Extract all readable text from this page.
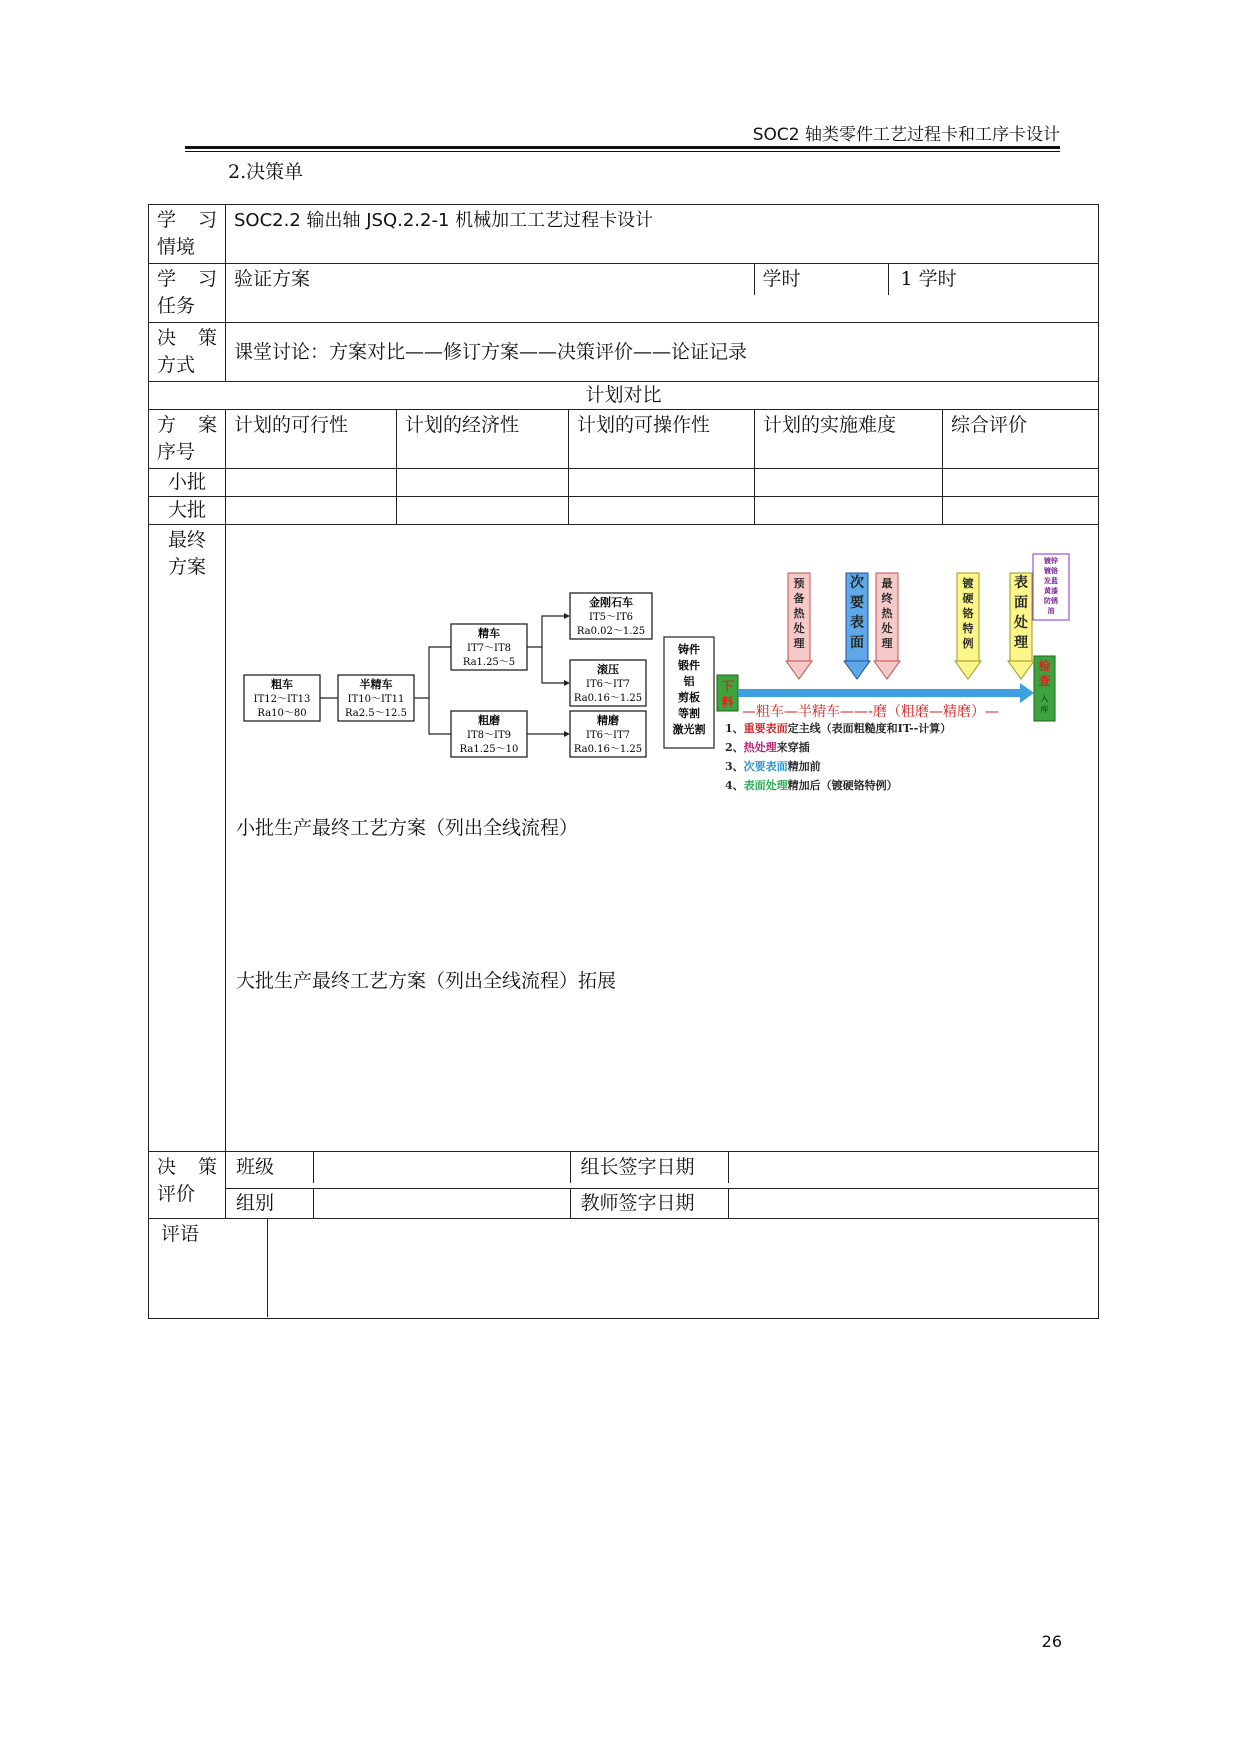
SOC2 轴类零件工艺过程卡和工序卡设计
2.决策单
学 习
情境
	SOC2.2 输出轴 JSQ.2.2-1 机械加工工艺过程卡设计

学 习
任务

验证方案	学时	1 学时

决 策
方式
	课堂讨论：方案对比——修订方案——决策评价——论证记录
计划对比

方 案
序号
	计划的可行性	计划的经济性	计划的可操作性	计划的实施难度	综合评价
小批					
大批					

最终
方案

粗车
IT12～IT13
Ra10～80
半精车
IT10～IT11
Ra2.5～12.5
精车
IT7～IT8
Ra1.25～5
粗磨
IT8～IT9
Ra1.25～10
金刚石车
IT5～IT6
Ra0.02～1.25
滚压
IT6～IT7
Ra0.16～1.25
精磨
IT6～IT7
Ra0.16～1.25
铸件
锻件
铝
剪板
等割
激光割
下
料
—粗车—半精车——-磨（粗磨—精磨）—
检
查
入
库
预
备
热
处
理
次
要
表
面
最
终
热
处
理
镀
硬
铬
特
例
表
面
处
理
镀锌
镀铬
发蓝
黄漆
防锈
油
1、重要表面定主线（表面粗糙度和IT--计算）
2、热处理来穿插
3、次要表面精加前
4、表面处理精加后（镀硬铬特例）
小批生产最终工艺方案（列出全线流程）
大批生产最终工艺方案（列出全线流程）拓展

决 策
评价

班级		组长签字日期	

组别		教师签字日期	

评语	
26
